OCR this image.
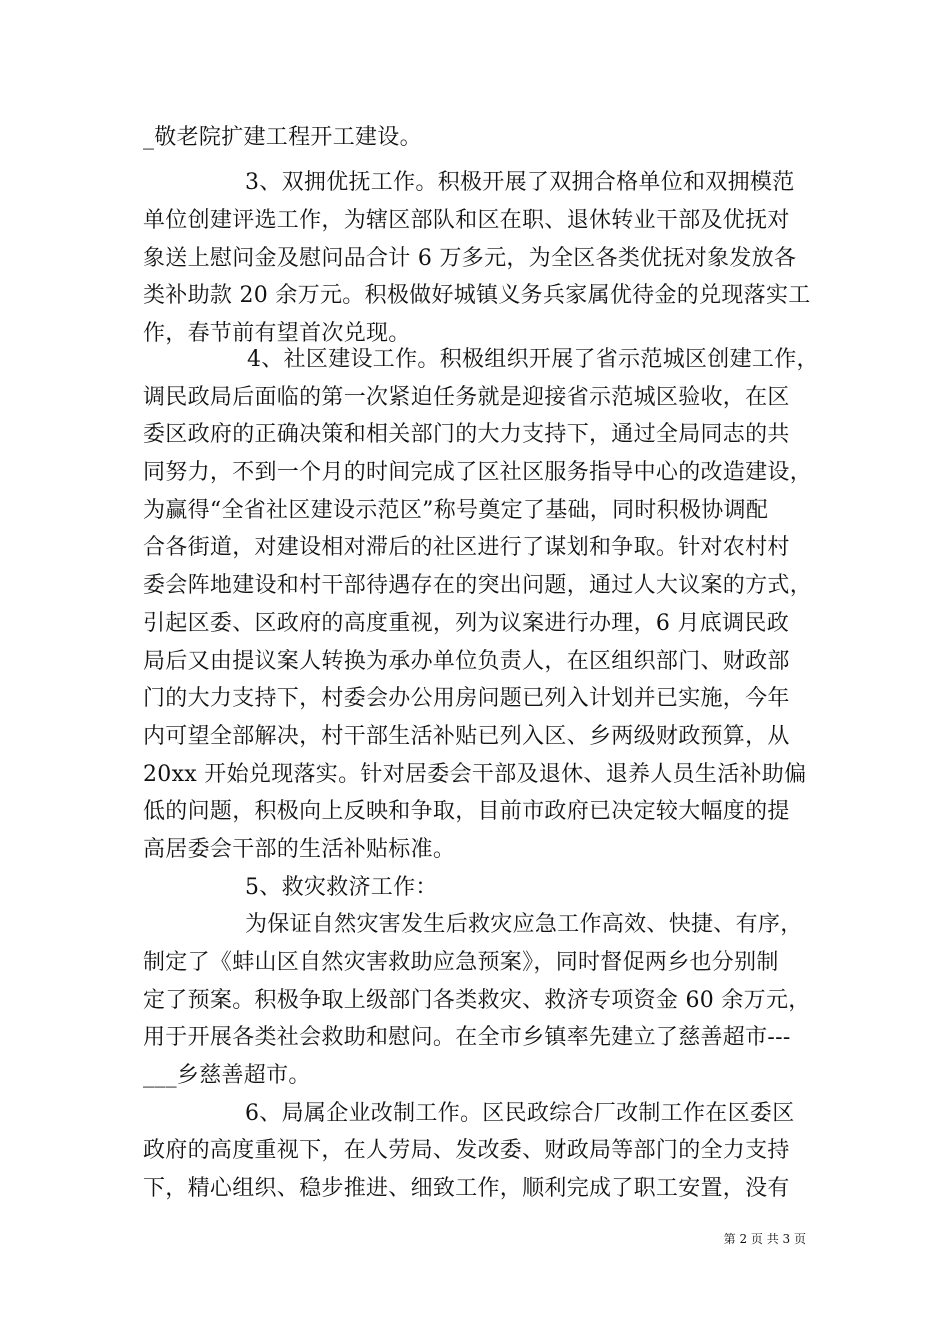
_敬老院扩建工程开工建设。
3、双拥优抚工作。积极开展了双拥合格单位和双拥模范
单位创建评选工作，为辖区部队和区在职、退休转业干部及优抚对
象送上慰问金及慰问品合计 6 万多元，为全区各类优抚对象发放各
类补助款 20 余万元。积极做好城镇义务兵家属优待金的兑现落实工
作，春节前有望首次兑现。
4、社区建设工作。积极组织开展了省示范城区创建工作，
调民政局后面临的第一次紧迫任务就是迎接省示范城区验收，在区
委区政府的正确决策和相关部门的大力支持下，通过全局同志的共
同努力，不到一个月的时间完成了区社区服务指导中心的改造建设，
为赢得“全省社区建设示范区”称号奠定了基础，同时积极协调配
合各街道，对建设相对滞后的社区进行了谋划和争取。针对农村村
委会阵地建设和村干部待遇存在的突出问题，通过人大议案的方式，
引起区委、区政府的高度重视，列为议案进行办理，6 月底调民政
局后又由提议案人转换为承办单位负责人，在区组织部门、财政部
门的大力支持下，村委会办公用房问题已列入计划并已实施，今年
内可望全部解决，村干部生活补贴已列入区、乡两级财政预算，从
20xx 开始兑现落实。针对居委会干部及退休、退养人员生活补助偏
低的问题，积极向上反映和争取，目前市政府已决定较大幅度的提
高居委会干部的生活补贴标准。
5、救灾救济工作：
为保证自然灾害发生后救灾应急工作高效、快捷、有序，
制定了《蚌山区自然灾害救助应急预案》，同时督促两乡也分别制
定了预案。积极争取上级部门各类救灾、救济专项资金 60 余万元，
用于开展各类社会救助和慰问。在全市乡镇率先建立了慈善超市---
___乡慈善超市。
6、局属企业改制工作。区民政综合厂改制工作在区委区
政府的高度重视下，在人劳局、发改委、财政局等部门的全力支持
下，精心组织、稳步推进、细致工作，顺利完成了职工安置，没有
第 2 页 共 3 页
